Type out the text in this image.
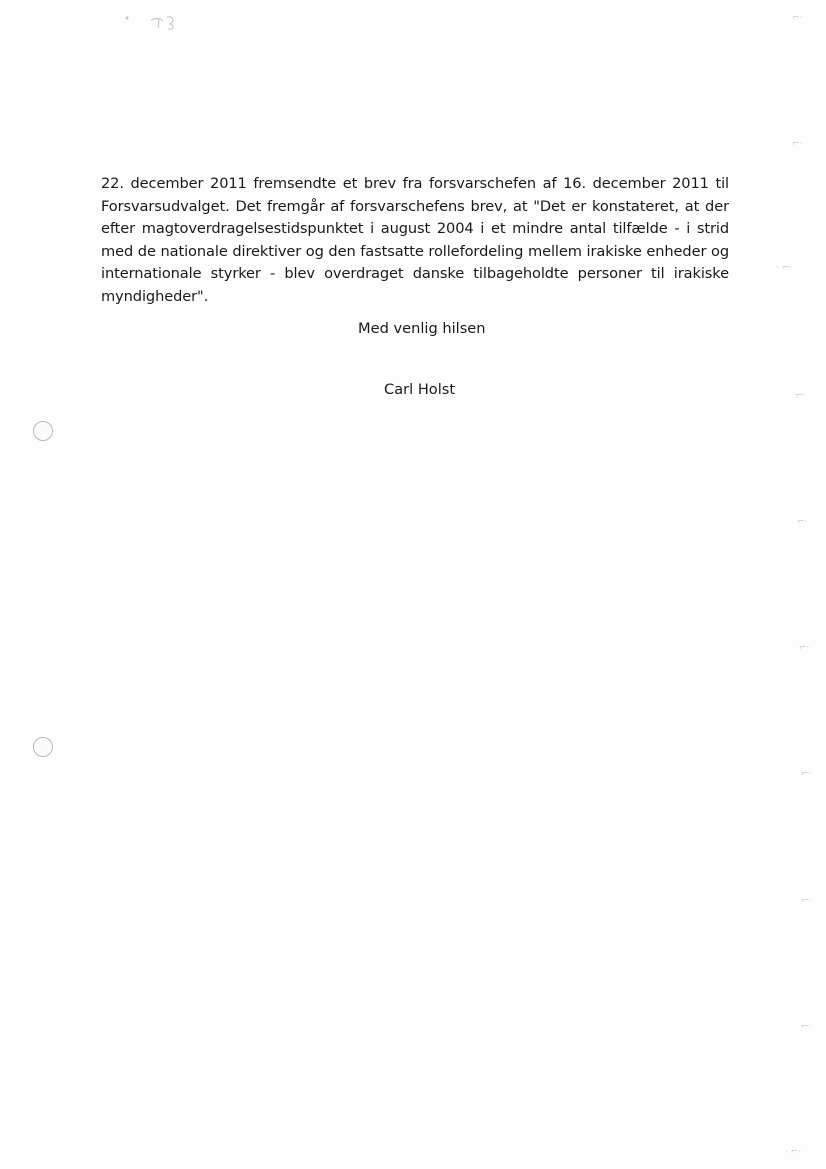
22. december 2011 fremsendte et brev fra forsvarschefen af 16. december 2011 til Forsvarsudvalget. Det fremgår af forsvarschefens brev, at "Det er konstateret, at der efter magtoverdragelsestidspunktet i august 2004 i et mindre antal tilfælde - i strid med de nationale direktiver og den fastsatte rollefordeling mellem irakiske enheder og internationale styrker - blev overdraget danske tilbageholdte personer til irakiske myndigheder".

Med venlig hilsen
Carl Holst
⌐·
⌐·
· ⌐·
⌐·
⌐·
⌐·
⌐·
⌐·
⌐·
· ⌐·
